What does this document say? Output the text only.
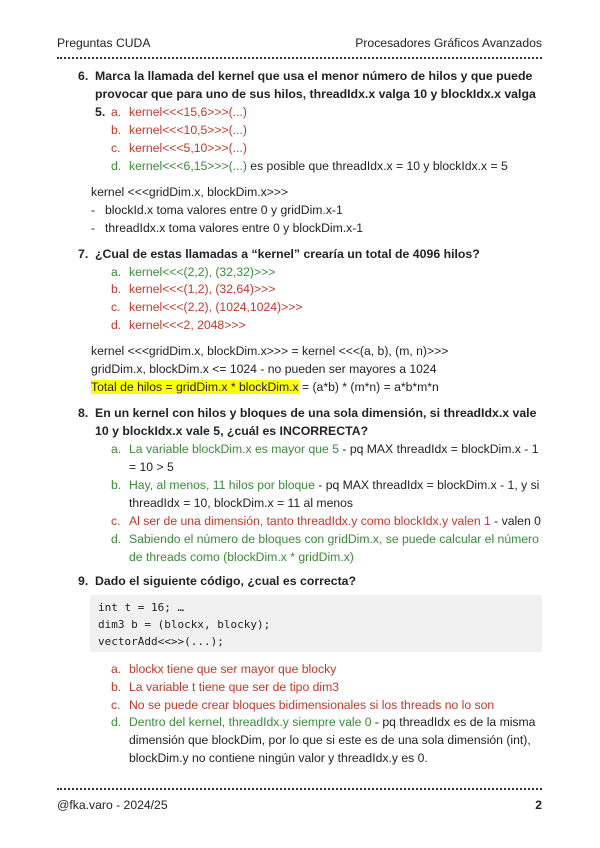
Preguntas CUDA	Procesadores Gráficos Avanzados
6. Marca la llamada del kernel que usa el menor número de hilos y que puede provocar que para uno de sus hilos, threadIdx.x valga 10 y blockIdx.x valga 5. a. kernel<<<15,6>>>(...)
b. kernel<<<10,5>>>(...)
c. kernel<<<5,10>>>(...)
d. kernel<<<6,15>>>(...) es posible que threadIdx.x = 10 y blockIdx.x = 5
kernel <<<gridDim.x, blockDim.x>>>
- blockId.x toma valores entre 0 y gridDim.x-1
- threadIdx.x toma valores entre 0 y blockDim.x-1
7. ¿Cual de estas llamadas a “kernel” crearía un total de 4096 hilos?
a. kernel<<<(2,2), (32,32)>>>
b. kernel<<<(1,2), (32,64)>>>
c. kernel<<<(2,2), (1024,1024)>>>
d. kernel<<<2, 2048>>>
kernel <<<gridDim.x, blockDim.x>>> = kernel <<<(a, b), (m, n)>>>
gridDim.x, blockDim.x <= 1024 - no pueden ser mayores a 1024
Total de hilos = gridDim.x * blockDim.x = (a*b) * (m*n) = a*b*m*n
8. En un kernel con hilos y bloques de una sola dimensión, si threadIdx.x vale 10 y blockIdx.x vale 5, ¿cuál es INCORRECTA?
a. La variable blockDim.x es mayor que 5 - pq MAX threadIdx = blockDim.x - 1 = 10 > 5
b. Hay, al menos, 11 hilos por bloque - pq MAX threadIdx = blockDim.x - 1, y si threadIdx = 10, blockDim.x = 11 al menos
c. Al ser de una dimensión, tanto threadIdx.y como blockIdx.y valen 1 - valen 0
d. Sabiendo el número de bloques con gridDim.x, se puede calcular el número de threads como (blockDim.x * gridDim.x)
9. Dado el siguiente código, ¿cual es correcta?
int t = 16; …
dim3 b = (blockx, blocky);
vectorAdd<<>>(...);
a. blockx tiene que ser mayor que blocky
b. La variable t tiene que ser de tipo dim3
c. No se puede crear bloques bidimensionales si los threads no lo son
d. Dentro del kernel, threadIdx.y siempre vale 0 - pq threadIdx es de la misma dimensión que blockDim, por lo que si este es de una sola dimensión (int), blockDim.y no contiene ningún valor y threadIdx.y es 0.
@fka.varo - 2024/25	2
